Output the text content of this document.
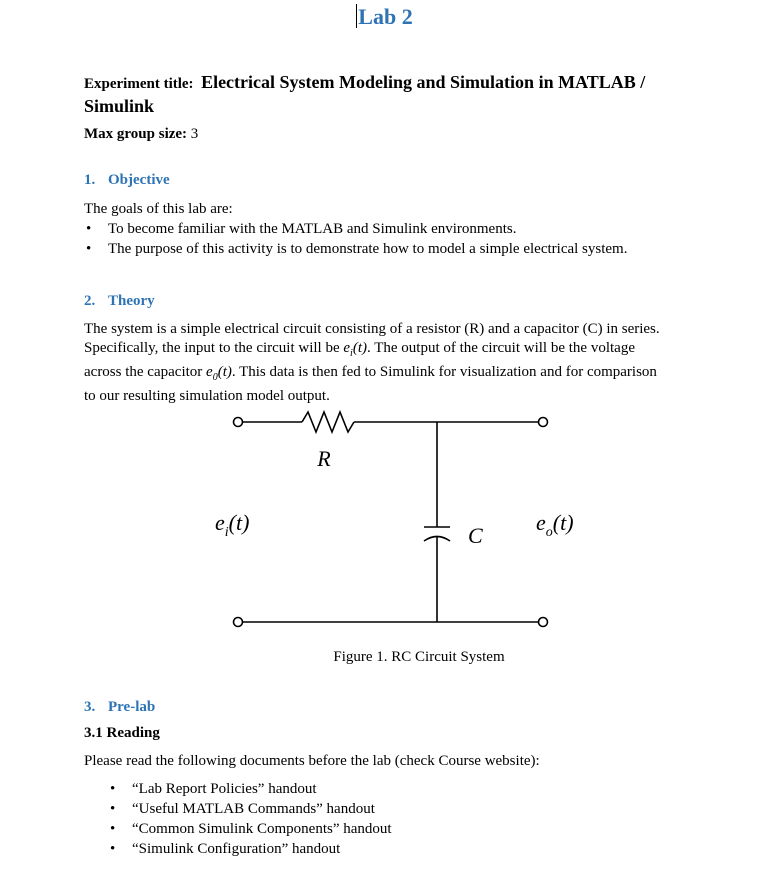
Lab 2
Experiment title: Electrical System Modeling and Simulation in MATLAB /
Simulink
Max group size: 3
1. Objective
The goals of this lab are:
• To become familiar with the MATLAB and Simulink environments.
• The purpose of this activity is to demonstrate how to model a simple electrical system.
2. Theory
The system is a simple electrical circuit consisting of a resistor (R) and a capacitor (C) in series.
Specifically, the input to the circuit will be $e_i(t)$. The output of the circuit will be the voltage
across the capacitor $e_0(t)$. This data is then fed to Simulink for visualization and for comparison
to our resulting simulation model output.
R
C
$e_i(t)$	$e_o(t)$
Figure 1. RC Circuit System
3. Pre-lab
3.1 Reading
Please read the following documents before the lab (check Course website):
• “Lab Report Policies” handout
• “Useful MATLAB Commands” handout
• “Common Simulink Components” handout
• “Simulink Configuration” handout
